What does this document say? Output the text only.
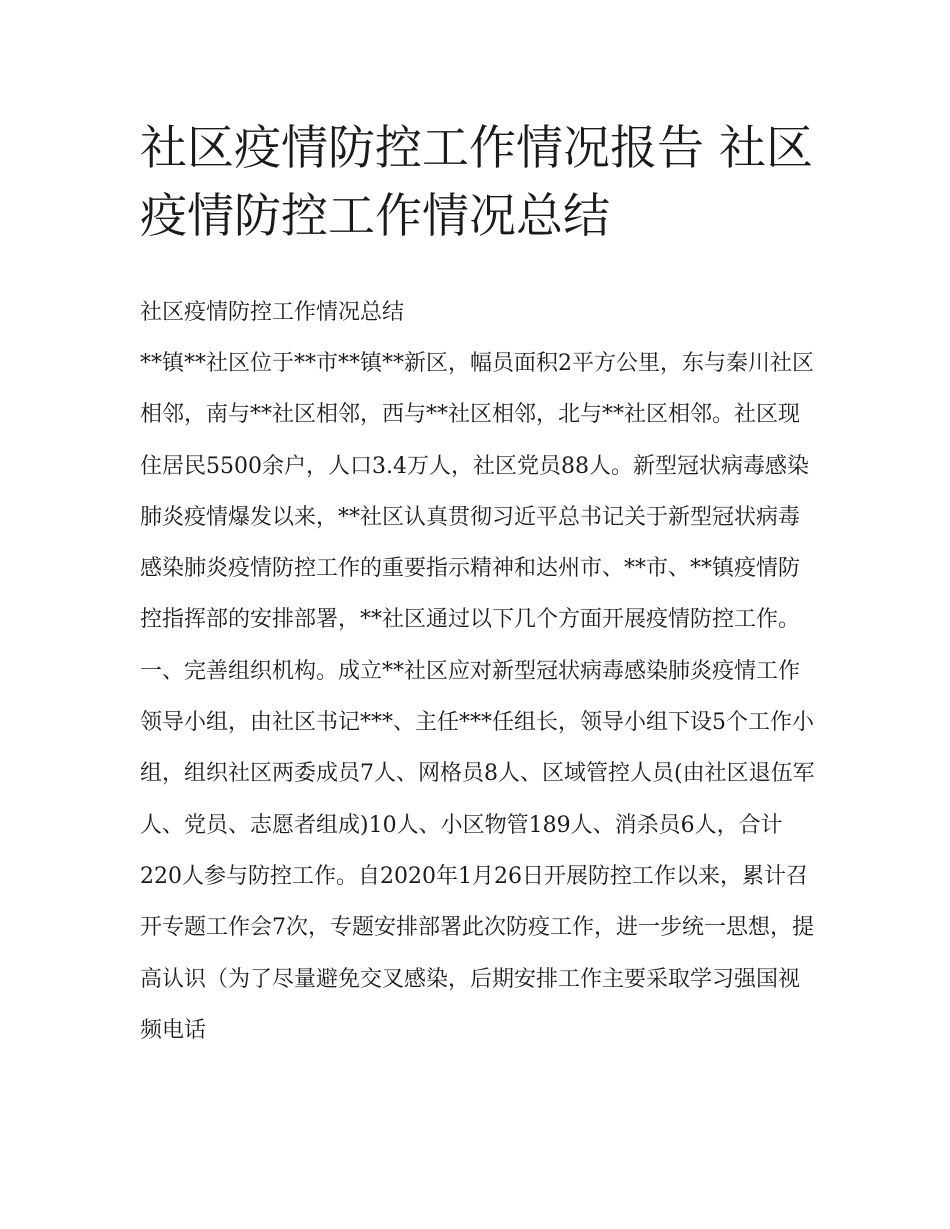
社区疫情防控工作情况报告 社区疫情防控工作情况总结
社区疫情防控工作情况总结

**镇**社区位于**市**镇**新区，幅员面积2平方公里，东与秦川社区相邻，南与**社区相邻，西与**社区相邻，北与**社区相邻。社区现住居民5500余户，人口3.4万人，社区党员88人。新型冠状病毒感染肺炎疫情爆发以来，**社区认真贯彻习近平总书记关于新型冠状病毒感染肺炎疫情防控工作的重要指示精神和达州市、**市、**镇疫情防控指挥部的安排部署，**社区通过以下几个方面开展疫情防控工作。

一、完善组织机构。成立**社区应对新型冠状病毒感染肺炎疫情工作领导小组，由社区书记***、主任***任组长，领导小组下设5个工作小组，组织社区两委成员7人、网格员8人、区域管控人员(由社区退伍军人、党员、志愿者组成)10人、小区物管189人、消杀员6人，合计220人参与防控工作。自2020年1月26日开展防控工作以来，累计召开专题工作会7次，专题安排部署此次防疫工作，进一步统一思想，提高认识（为了尽量避免交叉感染，后期安排工作主要采取学习强国视频电话
